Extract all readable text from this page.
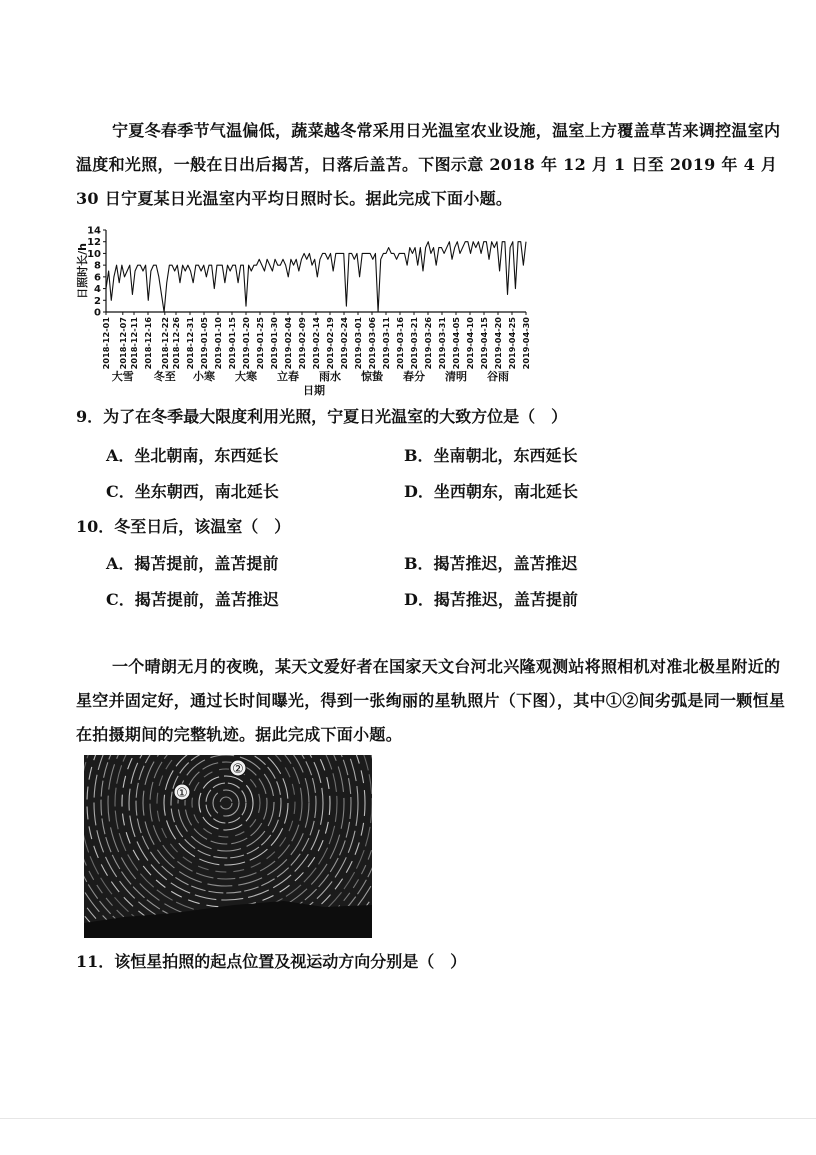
宁夏冬春季节气温偏低，蔬菜越冬常采用日光温室农业设施，温室上方覆盖草苫来调控温室内温度和光照，一般在日出后揭苫，日落后盖苫。下图示意 2018 年 12 月 1 日至 2019 年 4 月 30 日宁夏某日光温室内平均日照时长。据此完成下面小题。
0
2
4
6
8
10
12
14
日照时长/h
2018-12-01 2018-12-07 2018-12-11 2018-12-16 2018-12-22 2018-12-26 2018-12-31 2019-01-05 2019-01-10 2019-01-15 2019-01-20 2019-01-25 2019-01-30 2019-02-04 2019-02-09 2019-02-14 2019-02-19 2019-02-24 2019-03-01 2019-03-06 2019-03-11 2019-03-16 2019-03-21 2019-03-26 2019-03-31 2019-04-05 2019-04-10 2019-04-15 2019-04-20 2019-04-25 2019-04-30
大雪 冬至 小寒 大寒 立春 雨水 惊蛰 春分 清明 谷雨
日期
9．为了在冬季最大限度利用光照，宁夏日光温室的大致方位是（　）
A．坐北朝南，东西延长	B．坐南朝北，东西延长
C．坐东朝西，南北延长	D．坐西朝东，南北延长
10．冬至日后，该温室（　）
A．揭苫提前，盖苫提前	B．揭苫推迟，盖苫推迟
C．揭苫提前，盖苫推迟	D．揭苫推迟，盖苫提前
一个晴朗无月的夜晚，某天文爱好者在国家天文台河北兴隆观测站将照相机对准北极星附近的星空并固定好，通过长时间曝光，得到一张绚丽的星轨照片（下图），其中①②间劣弧是同一颗恒星在拍摄期间的完整轨迹。据此完成下面小题。
①
②
11．该恒星拍照的起点位置及视运动方向分别是（　）
